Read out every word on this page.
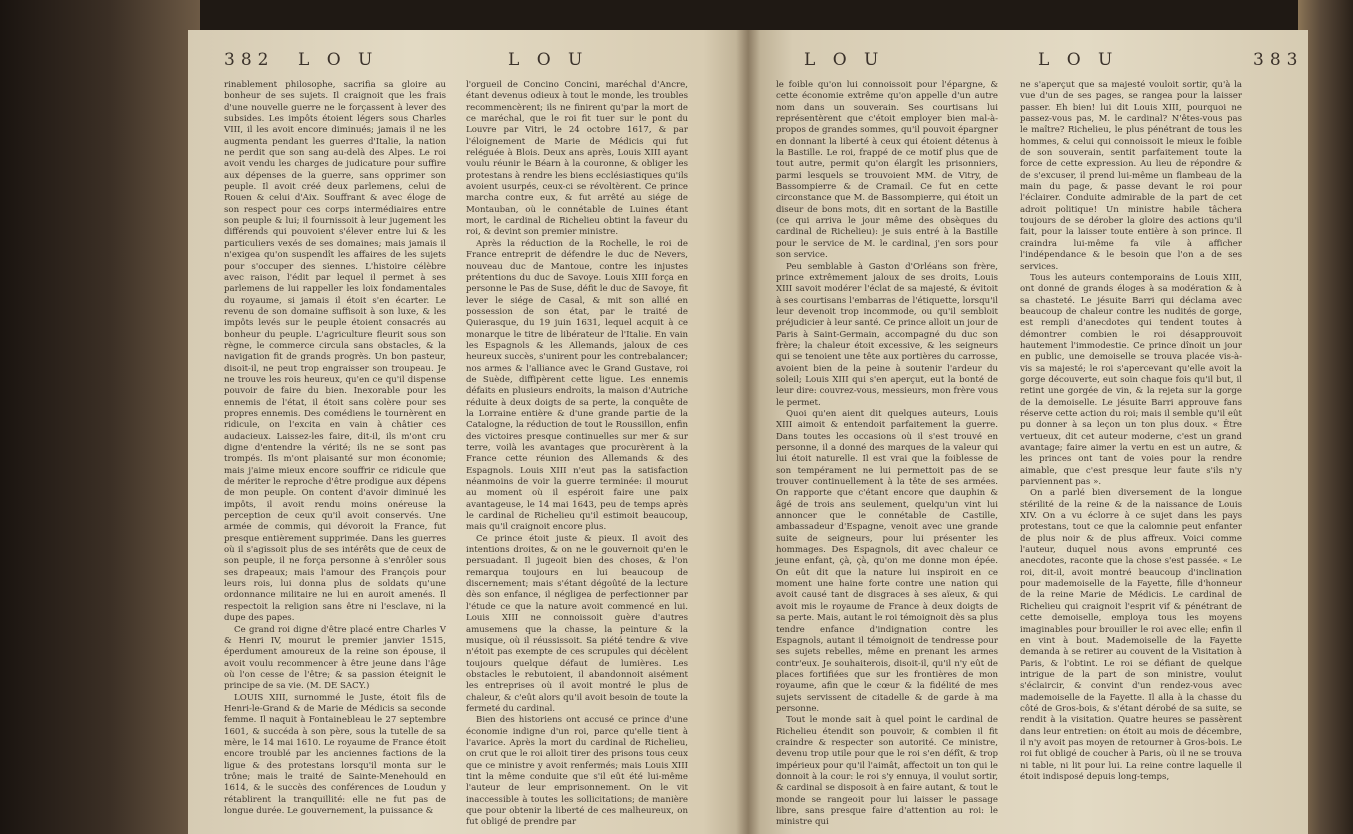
382 L O U	L O U

rinablement philosophe, sacrifia sa gloire au bonheur de ses sujets. Il craignoit que les frais d'une nouvelle guerre ne le forçassent à lever des subsides. Les impôts étoient légers sous Charles VIII, il les avoit encore diminués; jamais il ne les augmenta pendant les guerres d'Italie, la nation ne perdit que son sang au-delà des Alpes. Le roi avoit vendu les charges de judicature pour suffire aux dépenses de la guerre, sans opprimer son peuple. Il avoit créé deux parlemens, celui de Rouen & celui d'Aix. Souffrant & avec éloge de son respect pour ces corps intermédiaires entre son peuple & lui; il fournissoit à leur jugement les différends qui pouvoient s'élever entre lui & les particuliers vexés de ses domaines; mais jamais il n'exigea qu'on suspendît les affaires de les sujets pour s'occuper des siennes. L'histoire célèbre avec raison, l'édit par lequel il permet à ses parlemens de lui rappeller les loix fondamentales du royaume, si jamais il étoit s'en écarter. Le revenu de son domaine suffisoit à son luxe, & les impôts levés sur le peuple étoient consacrés au bonheur du peuple. L'agriculture fleurit sous son règne, le commerce circula sans obstacles, & la navigation fit de grands progrès. Un bon pasteur, disoit-il, ne peut trop engraisser son troupeau. Je ne trouve les rois heureux, qu'en ce qu'il dispense pouvoir de faire du bien. Inexorable pour les ennemis de l'état, il étoit sans colère pour ses propres ennemis. Des comédiens le tournèrent en ridicule, on l'excita en vain à châtier ces audacieux. Laissez-les faire, dit-il, ils m'ont cru digne d'entendre la vérité; ils ne se sont pas trompés. Ils m'ont plaisanté sur mon économie; mais j'aime mieux encore souffrir ce ridicule que de mériter le reproche d'être prodigue aux dépens de mon peuple. On content d'avoir diminué les impôts, il avoit rendu moins onéreuse la perception de ceux qu'il avoit conservés. Une armée de commis, qui dévoroit la France, fut presque entièrement supprimée. Dans les guerres où il s'agissoit plus de ses intérêts que de ceux de son peuple, il ne força personne à s'enrôler sous ses drapeaux; mais l'amour des François pour leurs rois, lui donna plus de soldats qu'une ordonnance militaire ne lui en auroit amenés. Il respectoit la religion sans être ni l'esclave, ni la dupe des papes.

Ce grand roi digne d'être placé entre Charles V & Henri IV, mourut le premier janvier 1515, éperdument amoureux de la reine son épouse, il avoit voulu recommencer à être jeune dans l'âge où l'on cesse de l'être; & sa passion éteignit le principe de sa vie. (M. DE SACY.)

LOUIS XIII, surnommé le Juste, étoit fils de Henri-le-Grand & de Marie de Médicis sa seconde femme. Il naquit à Fontainebleau le 27 septembre 1601, & succéda à son père, sous la tutelle de sa mère, le 14 mai 1610. Le royaume de France étoit encore troublé par les anciennes factions de la ligue & des protestans lorsqu'il monta sur le trône; mais le traité de Sainte-Menehould en 1614, & le succès des conférences de Loudun y rétablirent la tranquillité: elle ne fut pas de longue durée. Le gouvernement, la puissance &

l'orgueil de Concino Concini, maréchal d'Ancre, étant devenus odieux à tout le monde, les troubles recommencèrent; ils ne finirent qu'par la mort de ce maréchal, que le roi fit tuer sur le pont du Louvre par Vitri, le 24 octobre 1617, & par l'éloignement de Marie de Médicis qui fut reléguée à Blois. Deux ans après, Louis XIII ayant voulu réunir le Béarn à la couronne, & obliger les protestans à rendre les biens ecclésiastiques qu'ils avoient usurpés, ceux-ci se révoltèrent. Ce prince marcha contre eux, & fut arrêté au siége de Montauban, où le connétable de Luines étant mort, le cardinal de Richelieu obtint la faveur du roi, & devint son premier ministre.

Après la réduction de la Rochelle, le roi de France entreprit de défendre le duc de Nevers, nouveau duc de Mantoue, contre les injustes prétentions du duc de Savoye. Louis XIII força en personne le Pas de Suse, défit le duc de Savoye, fit lever le siége de Casal, & mit son allié en possession de son état, par le traité de Quierasque, du 19 juin 1631, lequel acquit à ce monarque le titre de libérateur de l'Italie. En vain les Espagnols & les Allemands, jaloux de ces heureux succès, s'unirent pour les contrebalancer; nos armes & l'alliance avec le Grand Gustave, roi de Suède, diffipèrent cette ligue. Les ennemis défaits en plusieurs endroits, la maison d'Autriche réduite à deux doigts de sa perte, la conquête de la Lorraine entière & d'une grande partie de la Catalogne, la réduction de tout le Roussillon, enfin des victoires presque continuelles sur mer & sur terre, voilà les avantages que procurèrent à la France cette réunion des Allemands & des Espagnols. Louis XIII n'eut pas la satisfaction néanmoins de voir la guerre terminée: il mourut au moment où il espéroit faire une paix avantageuse, le 14 mai 1643, peu de temps après le cardinal de Richelieu qu'il estimoit beaucoup, mais qu'il craignoit encore plus.

Ce prince étoit juste & pieux. Il avoit des intentions droites, & on ne le gouvernoit qu'en le persuadant. Il jugeoit bien des choses, & l'on remarqua toujours en lui beaucoup de discernement; mais s'étant dégoûté de la lecture dès son enfance, il négligea de perfectionner par l'étude ce que la nature avoit commencé en lui. Louis XIII ne connoissoit guère d'autres amusemens que la chasse, la peinture & la musique, où il réussissoit. Sa piété tendre & vive n'étoit pas exempte de ces scrupules qui décèlent toujours quelque défaut de lumières. Les obstacles le rebutoient, il abandonnoit aisément les entreprises où il avoit montré le plus de chaleur, & c'eût alors qu'il avoit besoin de toute la fermeté du cardinal.

Bien des historiens ont accusé ce prince d'une économie indigne d'un roi, parce qu'elle tient à l'avarice. Après la mort du cardinal de Richelieu, on crut que le roi alloit tirer des prisons tous ceux que ce ministre y avoit renfermés; mais Louis XIII tint la même conduite que s'il eût été lui-même l'auteur de leur emprisonnement. On le vit inaccessible à toutes les sollicitations; de manière que pour obtenir la liberté de ces malheureux, on fut obligé de prendre par

L O U	L O U	383

le foible qu'on lui connoissoit pour l'épargne, & cette économie extrême qu'on appelle d'un autre nom dans un souverain. Ses courtisans lui représentèrent que c'étoit employer bien mal-à-propos de grandes sommes, qu'il pouvoit épargner en donnant la liberté à ceux qui étoient détenus à la Bastille. Le roi, frappé de ce motif plus que de tout autre, permit qu'on élargît les prisonniers, parmi lesquels se trouvoient MM. de Vitry, de Bassompierre & de Cramail. Ce fut en cette circonstance que M. de Bassompierre, qui étoit un diseur de bons mots, dit en sortant de la Bastille (ce qui arriva le jour même des obsèques du cardinal de Richelieu): je suis entré à la Bastille pour le service de M. le cardinal, j'en sors pour son service.

Peu semblable à Gaston d'Orléans son frère, prince extrêmement jaloux de ses droits, Louis XIII savoit modérer l'éclat de sa majesté, & évitoit à ses courtisans l'embarras de l'étiquette, lorsqu'il leur devenoit trop incommode, ou qu'il sembloit préjudicier à leur santé. Ce prince alloit un jour de Paris à Saint-Germain, accompagné du duc son frère; la chaleur étoit excessive, & les seigneurs qui se tenoient une tête aux portières du carrosse, avoient bien de la peine à soutenir l'ardeur du soleil; Louis XIII qui s'en aperçut, eut la bonté de leur dire: couvrez-vous, messieurs, mon frère vous le permet.

Quoi qu'en aient dit quelques auteurs, Louis XIII aimoit & entendoit parfaitement la guerre. Dans toutes les occasions où il s'est trouvé en personne, il a donné des marques de la valeur qui lui étoit naturelle. Il est vrai que la foiblesse de son tempérament ne lui permettoit pas de se trouver continuellement à la tête de ses armées. On rapporte que c'étant encore que dauphin & âgé de trois ans seulement, quelqu'un vint lui annoncer que le connétable de Castille, ambassadeur d'Espagne, venoit avec une grande suite de seigneurs, pour lui présenter les hommages. Des Espagnols, dit avec chaleur ce jeune enfant, çà, çà, qu'on me donne mon épée. On eût dit que la nature lui inspiroit en ce moment une haine forte contre une nation qui avoit causé tant de disgraces à ses aïeux, & qui avoit mis le royaume de France à deux doigts de sa perte. Mais, autant le roi témoignoit dès sa plus tendre enfance d'indignation contre les Espagnols, autant il témoignoit de tendresse pour ses sujets rebelles, même en prenant les armes contr'eux. Je souhaiterois, disoit-il, qu'il n'y eût de places fortifiées que sur les frontières de mon royaume, afin que le cœur & la fidélité de mes sujets servissent de citadelle & de garde à ma personne.

Tout le monde sait à quel point le cardinal de Richelieu étendit son pouvoir, & combien il fit craindre & respecter son autorité. Ce ministre, devenu trop utile pour que le roi s'en défît, & trop impérieux pour qu'il l'aimât, affectoit un ton qui le donnoit à la cour: le roi s'y ennuya, il voulut sortir, & cardinal se disposoit à en faire autant, & tout le monde se rangeoit pour lui laisser le passage libre, sans presque faire d'attention au roi: le ministre qui

ne s'aperçut que sa majesté vouloit sortir, qu'à la vue d'un de ses pages, se rangea pour la laisser passer. Eh bien! lui dit Louis XIII, pourquoi ne passez-vous pas, M. le cardinal? N'êtes-vous pas le maître? Richelieu, le plus pénétrant de tous les hommes, & celui qui connoissoit le mieux le foible de son souverain, sentit parfaitement toute la force de cette expression. Au lieu de répondre & de s'excuser, il prend lui-même un flambeau de la main du page, & passe devant le roi pour l'éclairer. Conduite admirable de la part de cet adroit politique! Un ministre habile tâchera toujours de se dérober la gloire des actions qu'il fait, pour la laisser toute entière à son prince. Il craindra lui-même fa vile à afficher l'indépendance & le besoin que l'on a de ses services.

Tous les auteurs contemporains de Louis XIII, ont donné de grands éloges à sa modération & à sa chasteté. Le jésuite Barri qui déclama avec beaucoup de chaleur contre les nudités de gorge, est rempli d'anecdotes qui tendent toutes à démontrer combien le roi désapprouvoit hautement l'immodestie. Ce prince dînoit un jour en public, une demoiselle se trouva placée vis-à-vis sa majesté; le roi s'apercevant qu'elle avoit la gorge découverte, eut soin chaque fois qu'il but, il retint une gorgée de vin, & la rejeta sur la gorge de la demoiselle. Le jésuite Barri approuve fans réserve cette action du roi; mais il semble qu'il eût pu donner à sa leçon un ton plus doux. « Être vertueux, dit cet auteur moderne, c'est un grand avantage; faire aimer la vertu en est un autre, & les princes ont tant de voies pour la rendre aimable, que c'est presque leur faute s'ils n'y parviennent pas ».

On a parlé bien diversement de la longue stérilité de la reine & de la naissance de Louis XIV. On a vu éclorre à ce sujet dans les pays protestans, tout ce que la calomnie peut enfanter de plus noir & de plus affreux. Voici comme l'auteur, duquel nous avons emprunté ces anecdotes, raconte que la chose s'est passée. « Le roi, dit-il, avoit montré beaucoup d'inclination pour mademoiselle de la Fayette, fille d'honneur de la reine Marie de Médicis. Le cardinal de Richelieu qui craignoit l'esprit vif & pénétrant de cette demoiselle, employa tous les moyens imaginables pour brouiller le roi avec elle; enfin il en vint à bout. Mademoiselle de la Fayette demanda à se retirer au couvent de la Visitation à Paris, & l'obtint. Le roi se défiant de quelque intrigue de la part de son ministre, voulut s'éclaircir, & convint d'un rendez-vous avec mademoiselle de la Fayette. Il alla à la chasse du côté de Gros-bois, & s'étant dérobé de sa suite, se rendit à la visitation. Quatre heures se passèrent dans leur entretien: on étoit au mois de décembre, il n'y avoit pas moyen de retourner à Gros-bois. Le roi fut obligé de coucher à Paris, où il ne se trouva ni table, ni lit pour lui. La reine contre laquelle il étoit indisposé depuis long-temps,
